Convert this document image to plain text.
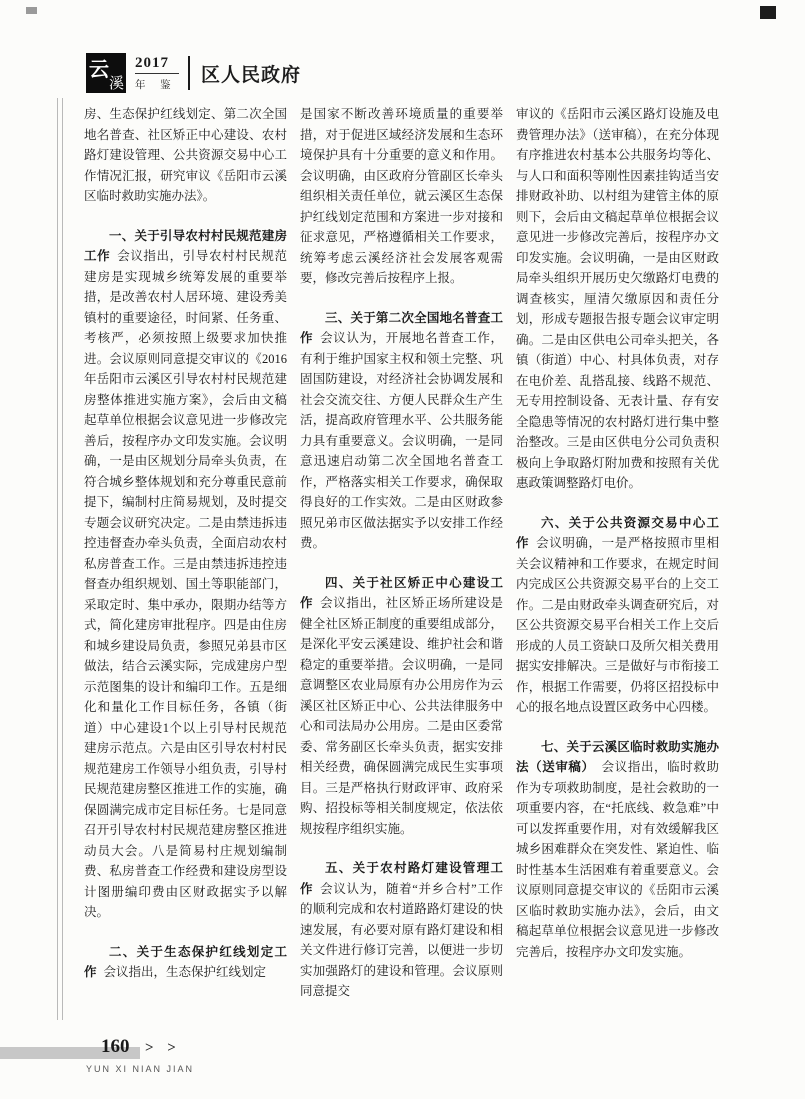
云
溪
2017
年 鉴 区人民政府

房、生态保护红线划定、第二次全国地名普查、社区矫正中心建设、农村路灯建设管理、公共资源交易中心工作情况汇报，研究审议《岳阳市云溪区临时救助实施办法》。

一、关于引导农村村民规范建房工作 会议指出，引导农村村民规范建房是实现城乡统筹发展的重要举措，是改善农村人居环境、建设秀美镇村的重要途径，时间紧、任务重、考核严，必须按照上级要求加快推进。会议原则同意提交审议的《2016年岳阳市云溪区引导农村村民规范建房整体推进实施方案》，会后由文稿起草单位根据会议意见进一步修改完善后，按程序办文印发实施。会议明确，一是由区规划分局牵头负责，在符合城乡整体规划和充分尊重民意前提下，编制村庄简易规划，及时提交专题会议研究决定。二是由禁违拆违控违督查办牵头负责，全面启动农村私房普查工作。三是由禁违拆违控违督查办组织规划、国土等职能部门，采取定时、集中承办，限期办结等方式，简化建房审批程序。四是由住房和城乡建设局负责，参照兄弟县市区做法，结合云溪实际，完成建房户型示范图集的设计和编印工作。五是细化和量化工作目标任务，各镇（街道）中心建设1个以上引导村民规范建房示范点。六是由区引导农村村民规范建房工作领导小组负责，引导村民规范建房整区推进工作的实施，确保圆满完成市定目标任务。七是同意召开引导农村村民规范建房整区推进动员大会。八是简易村庄规划编制费、私房普查工作经费和建设房型设计图册编印费由区财政据实予以解决。

二、关于生态保护红线划定工作 会议指出，生态保护红线划定

是国家不断改善环境质量的重要举措，对于促进区域经济发展和生态环境保护具有十分重要的意义和作用。会议明确，由区政府分管副区长牵头组织相关责任单位，就云溪区生态保护红线划定范围和方案进一步对接和征求意见，严格遵循相关工作要求，统筹考虑云溪经济社会发展客观需要，修改完善后按程序上报。

三、关于第二次全国地名普查工作 会议认为，开展地名普查工作，有利于维护国家主权和领土完整、巩固国防建设，对经济社会协调发展和社会交流交往、方便人民群众生产生活，提高政府管理水平、公共服务能力具有重要意义。会议明确，一是同意迅速启动第二次全国地名普查工作，严格落实相关工作要求，确保取得良好的工作实效。二是由区财政参照兄弟市区做法据实予以安排工作经费。

四、关于社区矫正中心建设工作 会议指出，社区矫正场所建设是健全社区矫正制度的重要组成部分，是深化平安云溪建设、维护社会和谐稳定的重要举措。会议明确，一是同意调整区农业局原有办公用房作为云溪区社区矫正中心、公共法律服务中心和司法局办公用房。二是由区委常委、常务副区长牵头负责，据实安排相关经费，确保圆满完成民生实事项目。三是严格执行财政评审、政府采购、招投标等相关制度规定，依法依规按程序组织实施。

五、关于农村路灯建设管理工作 会议认为，随着“并乡合村”工作的顺利完成和农村道路路灯建设的快速发展，有必要对原有路灯建设和相关文件进行修订完善，以便进一步切实加强路灯的建设和管理。会议原则同意提交

审议的《岳阳市云溪区路灯设施及电费管理办法》（送审稿），在充分体现有序推进农村基本公共服务均等化、与人口和面积等刚性因素挂钩适当安排财政补助、以村组为建管主体的原则下，会后由文稿起草单位根据会议意见进一步修改完善后，按程序办文印发实施。会议明确，一是由区财政局牵头组织开展历史欠缴路灯电费的调查核实，厘清欠缴原因和责任分划，形成专题报告报专题会议审定明确。二是由区供电公司牵头把关，各镇（街道）中心、村具体负责，对存在电价差、乱搭乱接、线路不规范、无专用控制设备、无表计量、存有安全隐患等情况的农村路灯进行集中整治整改。三是由区供电分公司负责积极向上争取路灯附加费和按照有关优惠政策调整路灯电价。

六、关于公共资源交易中心工作 会议明确，一是严格按照市里相关会议精神和工作要求，在规定时间内完成区公共资源交易平台的上交工作。二是由财政牵头调查研究后，对区公共资源交易平台相关工作上交后形成的人员工资缺口及所欠相关费用据实安排解决。三是做好与市衔接工作，根据工作需要，仍将区招投标中心的报名地点设置区政务中心四楼。

七、关于云溪区临时救助实施办法（送审稿） 会议指出，临时救助作为专项救助制度，是社会救助的一项重要内容，在“托底线、救急难”中可以发挥重要作用，对有效缓解我区城乡困难群众在突发性、紧迫性、临时性基本生活困难有着重要意义。会议原则同意提交审议的《岳阳市云溪区临时救助实施办法》，会后，由文稿起草单位根据会议意见进一步修改完善后，按程序办文印发实施。

160 > >
YUN XI NIAN JIAN
